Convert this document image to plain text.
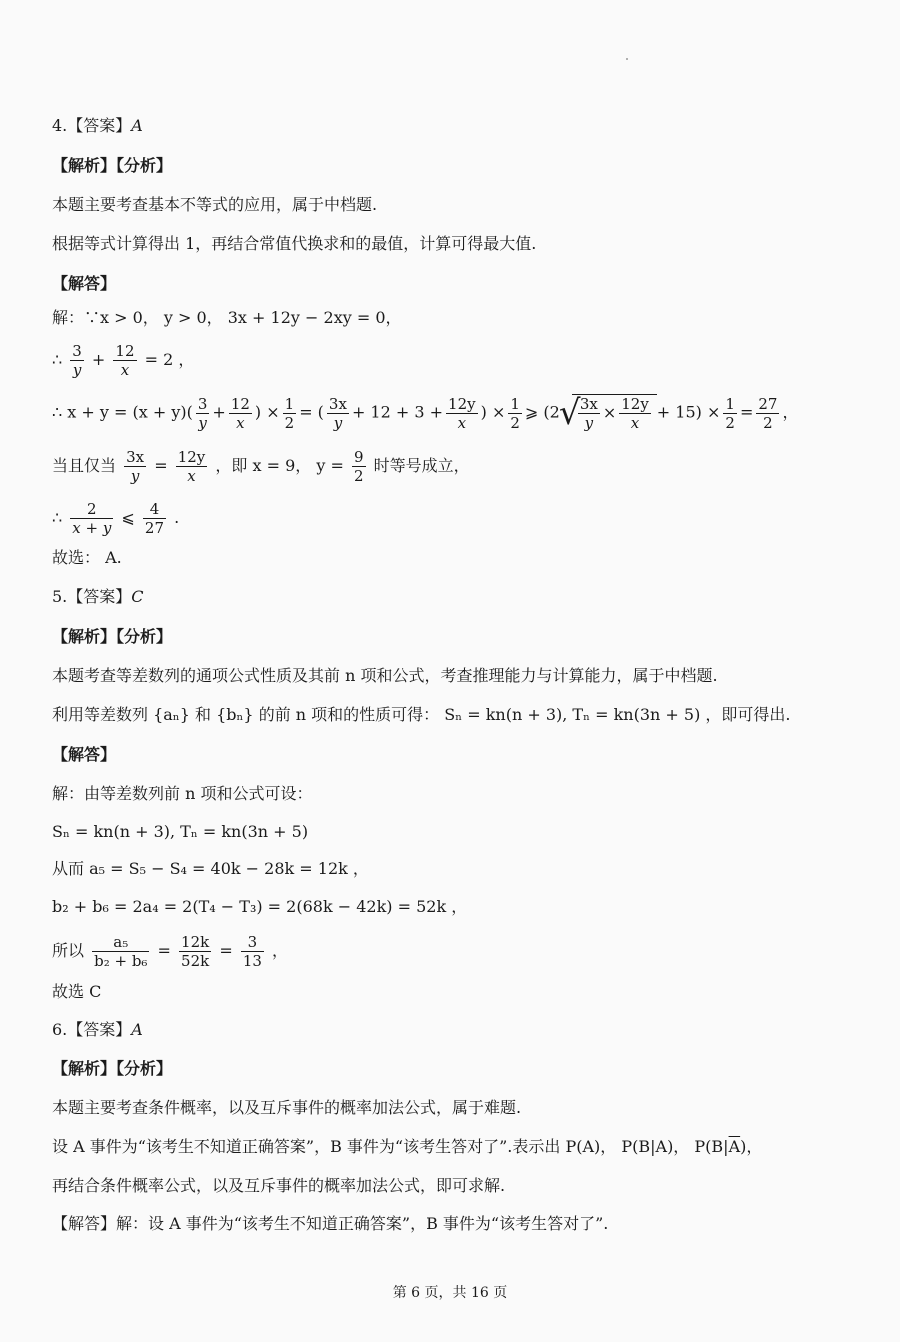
4.【答案】A
【解析】【分析】
本题主要考查基本不等式的应用，属于中档题.
根据等式计算得出 1，再结合常值代换求和的最值，计算可得最大值.
【解答】
解：∵x > 0， y > 0， 3x + 12y − 2xy = 0，
∴ $\frac{3}{y} + \frac{12}{x} = 2$ ，
∴ $x + y = (x + y)( \frac{3}{y} + \frac{12}{x}$ ) × $\frac{1}{2}$ = ( $\frac{3x}{y} + 12 + 3 + \frac{12y}{x}$ ) × $\frac{1}{2}$ ⩾ (2 √ $\frac{3x}{y} \times \frac{12y}{x} + 15) \times \frac{1}{2} = \frac{27}{2}$ ，
当且仅当 $\frac{3x}{y} = \frac{12y}{x}$ ，即 x = 9， $y = \frac{9}{2}$ 时等号成立，
∴ $\frac{2}{x + y}$ ⩽ $\frac{4}{27}$ .
故选： A.
5.【答案】C
【解析】【分析】
本题考查等差数列的通项公式性质及其前 n 项和公式，考查推理能力与计算能力，属于中档题.
利用等差数列 {aₙ} 和 {bₙ} 的前 n 项和的性质可得： Sₙ = kn(n + 3), Tₙ = kn(3n + 5) ，即可得出.
【解答】
解：由等差数列前 n 项和公式可设：
Sₙ = kn(n + 3), Tₙ = kn(3n + 5)
从而 a₅ = S₅ − S₄ = 40k − 28k = 12k ，
b₂ + b₆ = 2a₄ = 2(T₄ − T₃) = 2(68k − 42k) = 52k ，
所以 $\frac{\text{a₅}}{\text{b₂ + b₆}} = \frac{12k}{52k} = \frac{3}{13}$ ，
故选 C
6.【答案】A
【解析】【分析】
本题主要考查条件概率，以及互斥事件的概率加法公式，属于难题.
设 A 事件为“该考生不知道正确答案”，B 事件为“该考生答对了”.表示出 P(A)， P(B|A)， $P(B|\overline{A})$，
再结合条件概率公式，以及互斥事件的概率加法公式，即可求解.
【解答】解：设 A 事件为“该考生不知道正确答案”，B 事件为“该考生答对了”.
第 6 页，共 16 页
